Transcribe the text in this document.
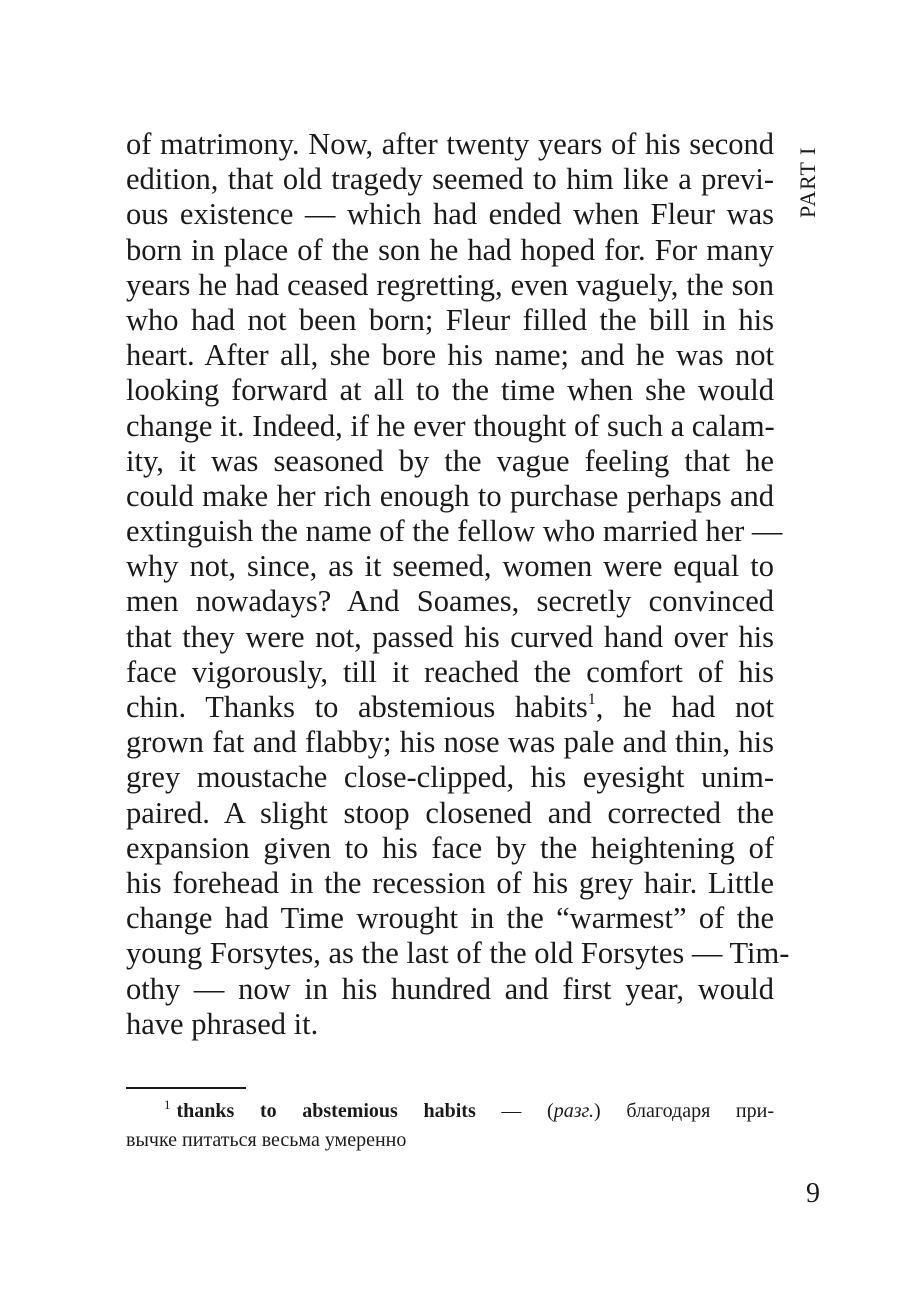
PART I
of matrimony. Now, after twenty years of his second
edition, that old tragedy seemed to him like a previ-
ous existence — which had ended when Fleur was
born in place of the son he had hoped for. For many
years he had ceased regretting, even vaguely, the son
who had not been born; Fleur filled the bill in his
heart. After all, she bore his name; and he was not
looking forward at all to the time when she would
change it. Indeed, if he ever thought of such a calam-
ity, it was seasoned by the vague feeling that he
could make her rich enough to purchase perhaps and
extinguish the name of the fellow who married her —
why not, since, as it seemed, women were equal to
men nowadays? And Soames, secretly convinced
that they were not, passed his curved hand over his
face vigorously, till it reached the comfort of his
chin. Thanks to abstemious habits$^1$, he had not
grown fat and flabby; his nose was pale and thin, his
grey moustache close-clipped, his eyesight unim-
paired. A slight stoop closened and corrected the
expansion given to his face by the heightening of
his forehead in the recession of his grey hair. Little
change had Time wrought in the “warmest” of the
young Forsytes, as the last of the old Forsytes — Tim-
othy — now in his hundred and first year, would
have phrased it.
$^1$ thanks to abstemious habits — (разг.) благодаря при-
вычке питаться весьма умеренно
9
